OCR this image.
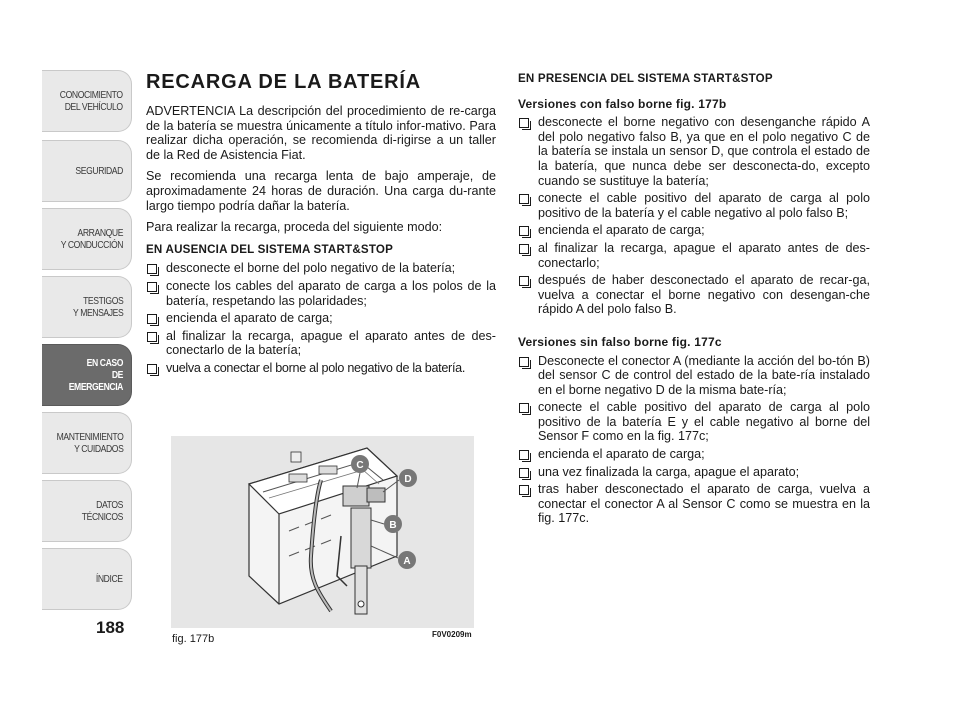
CONOCIMIENTO
DEL VEHÍCULO
SEGURIDAD
ARRANQUE
Y CONDUCCIÓN
TESTIGOS
Y MENSAJES
EN CASO
DE EMERGENCIA
MANTENIMIENTO
Y CUIDADOS
DATOS TÉCNICOS
ÍNDICE
188
RECARGA DE LA BATERÍA

ADVERTENCIA La descripción del procedimiento de re-carga de la batería se muestra únicamente a título infor-mativo. Para realizar dicha operación, se recomienda di-rigirse a un taller de la Red de Asistencia Fiat.

Se recomienda una recarga lenta de bajo amperaje, de aproximadamente 24 horas de duración. Una carga du-rante largo tiempo podría dañar la batería.

Para realizar la recarga, proceda del siguiente modo:

EN AUSENCIA DEL SISTEMA START&STOP
desconecte el borne del polo negativo de la batería;
conecte los cables del aparato de carga a los polos de la batería, respetando las polaridades;
encienda el aparato de carga;
al finalizar la recarga, apague el aparato antes de des-conectarlo de la batería;
vuelva a conectar el borne al polo negativo de la batería.
C
D
B
A
fig. 177b	F0V0209m
EN PRESENCIA DEL SISTEMA START&STOP
Versiones con falso borne fig. 177b
desconecte el borne negativo con desenganche rápido A del polo negativo falso B, ya que en el polo negativo C de la batería se instala un sensor D, que controla el estado de la batería, que nunca debe ser desconecta-do, excepto cuando se sustituye la batería;
conecte el cable positivo del aparato de carga al polo positivo de la batería y el cable negativo al polo falso B;
encienda el aparato de carga;
al finalizar la recarga, apague el aparato antes de des-conectarlo;
después de haber desconectado el aparato de recar-ga, vuelva a conectar el borne negativo con desengan-che rápido A del polo falso B.
Versiones sin falso borne fig. 177c
Desconecte el conector A (mediante la acción del bo-tón B) del sensor C de control del estado de la bate-ría instalado en el borne negativo D de la misma bate-ría;
conecte el cable positivo del aparato de carga al polo positivo de la batería E y el cable negativo al borne del Sensor F como en la fig. 177c;
encienda el aparato de carga;
una vez finalizada la carga, apague el aparato;
tras haber desconectado el aparato de carga, vuelva a conectar el conector A al Sensor C como se muestra en la fig. 177c.
